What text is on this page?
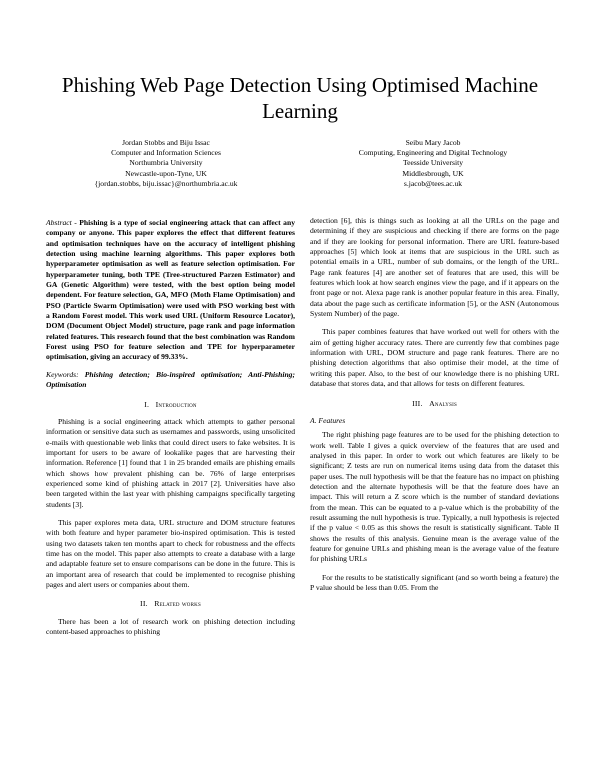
Phishing Web Page Detection Using Optimised Machine Learning
Jordan Stobbs and Biju Issac
Computer and Information Sciences
Northumbria University
Newcastle-upon-Tyne, UK
{jordan.stobbs, biju.issac}@northumbria.ac.uk
Seibu Mary Jacob
Computing, Engineering and Digital Technology
Teesside University
Middlesbrough, UK
s.jacob@tees.ac.uk

Abstract - Phishing is a type of social engineering attack that can affect any company or anyone. This paper explores the effect that different features and optimisation techniques have on the accuracy of intelligent phishing detection using machine learning algorithms. This paper explores both hyperparameter optimisation as well as feature selection optimisation. For hyperparameter tuning, both TPE (Tree-structured Parzen Estimator) and GA (Genetic Algorithm) were tested, with the best option being model dependent. For feature selection, GA, MFO (Moth Flame Optimisation) and PSO (Particle Swarm Optimisation) were used with PSO working best with a Random Forest model. This work used URL (Uniform Resource Locator), DOM (Document Object Model) structure, page rank and page information related features. This research found that the best combination was Random Forest using PSO for feature selection and TPE for hyperparameter optimisation, giving an accuracy of 99.33%.

Keywords: Phishing detection; Bio-inspired optimisation; Anti-Phishing; Optimisation

I. Introduction

Phishing is a social engineering attack which attempts to gather personal information or sensitive data such as usernames and passwords, using unsolicited e-mails with questionable web links that could direct users to fake websites. It is important for users to be aware of lookalike pages that are harvesting their information. Reference [1] found that 1 in 25 branded emails are phishing emails which shows how prevalent phishing can be. 76% of large enterprises experienced some kind of phishing attack in 2017 [2]. Universities have also been targeted within the last year with phishing campaigns specifically targeting students [3].

This paper explores meta data, URL structure and DOM structure features with both feature and hyper parameter bio-inspired optimisation. This is tested using two datasets taken ten months apart to check for robustness and the effects time has on the model. This paper also attempts to create a database with a large and adaptable feature set to ensure comparisons can be done in the future. This is an important area of research that could be implemented to recognise phishing pages and alert users or companies about them.

II. Related works

There has been a lot of research work on phishing detection including content-based approaches to phishing

detection [6], this is things such as looking at all the URLs on the page and determining if they are suspicious and checking if there are forms on the page and if they are looking for personal information. There are URL feature-based approaches [5] which look at items that are suspicious in the URL such as potential emails in a URL, number of sub domains, or the length of the URL. Page rank features [4] are another set of features that are used, this will be features which look at how search engines view the page, and if it appears on the front page or not. Alexa page rank is another popular feature in this area. Finally, data about the page such as certificate information [5], or the ASN (Autonomous System Number) of the page.

This paper combines features that have worked out well for others with the aim of getting higher accuracy rates. There are currently few that combines page information with URL, DOM structure and page rank features. There are no phishing detection algorithms that also optimise their model, at the time of writing this paper. Also, to the best of our knowledge there is no phishing URL database that stores data, and that allows for tests on different features.

III. Analysis

A. Features

The right phishing page features are to be used for the phishing detection to work well. Table I gives a quick overview of the features that are used and analysed in this paper. In order to work out which features are likely to be significant; Z tests are run on numerical items using data from the dataset this paper uses. The null hypothesis will be that the feature has no impact on phishing detection and the alternate hypothesis will be that the feature does have an impact. This will return a Z score which is the number of standard deviations from the mean. This can be equated to a p-value which is the probability of the result assuming the null hypothesis is true. Typically, a null hypothesis is rejected if the p value < 0.05 as this shows the result is statistically significant. Table II shows the results of this analysis. Genuine mean is the average value of the feature for genuine URLs and phishing mean is the average value of the feature for phishing URLs

For the results to be statistically significant (and so worth being a feature) the P value should be less than 0.05. From the
